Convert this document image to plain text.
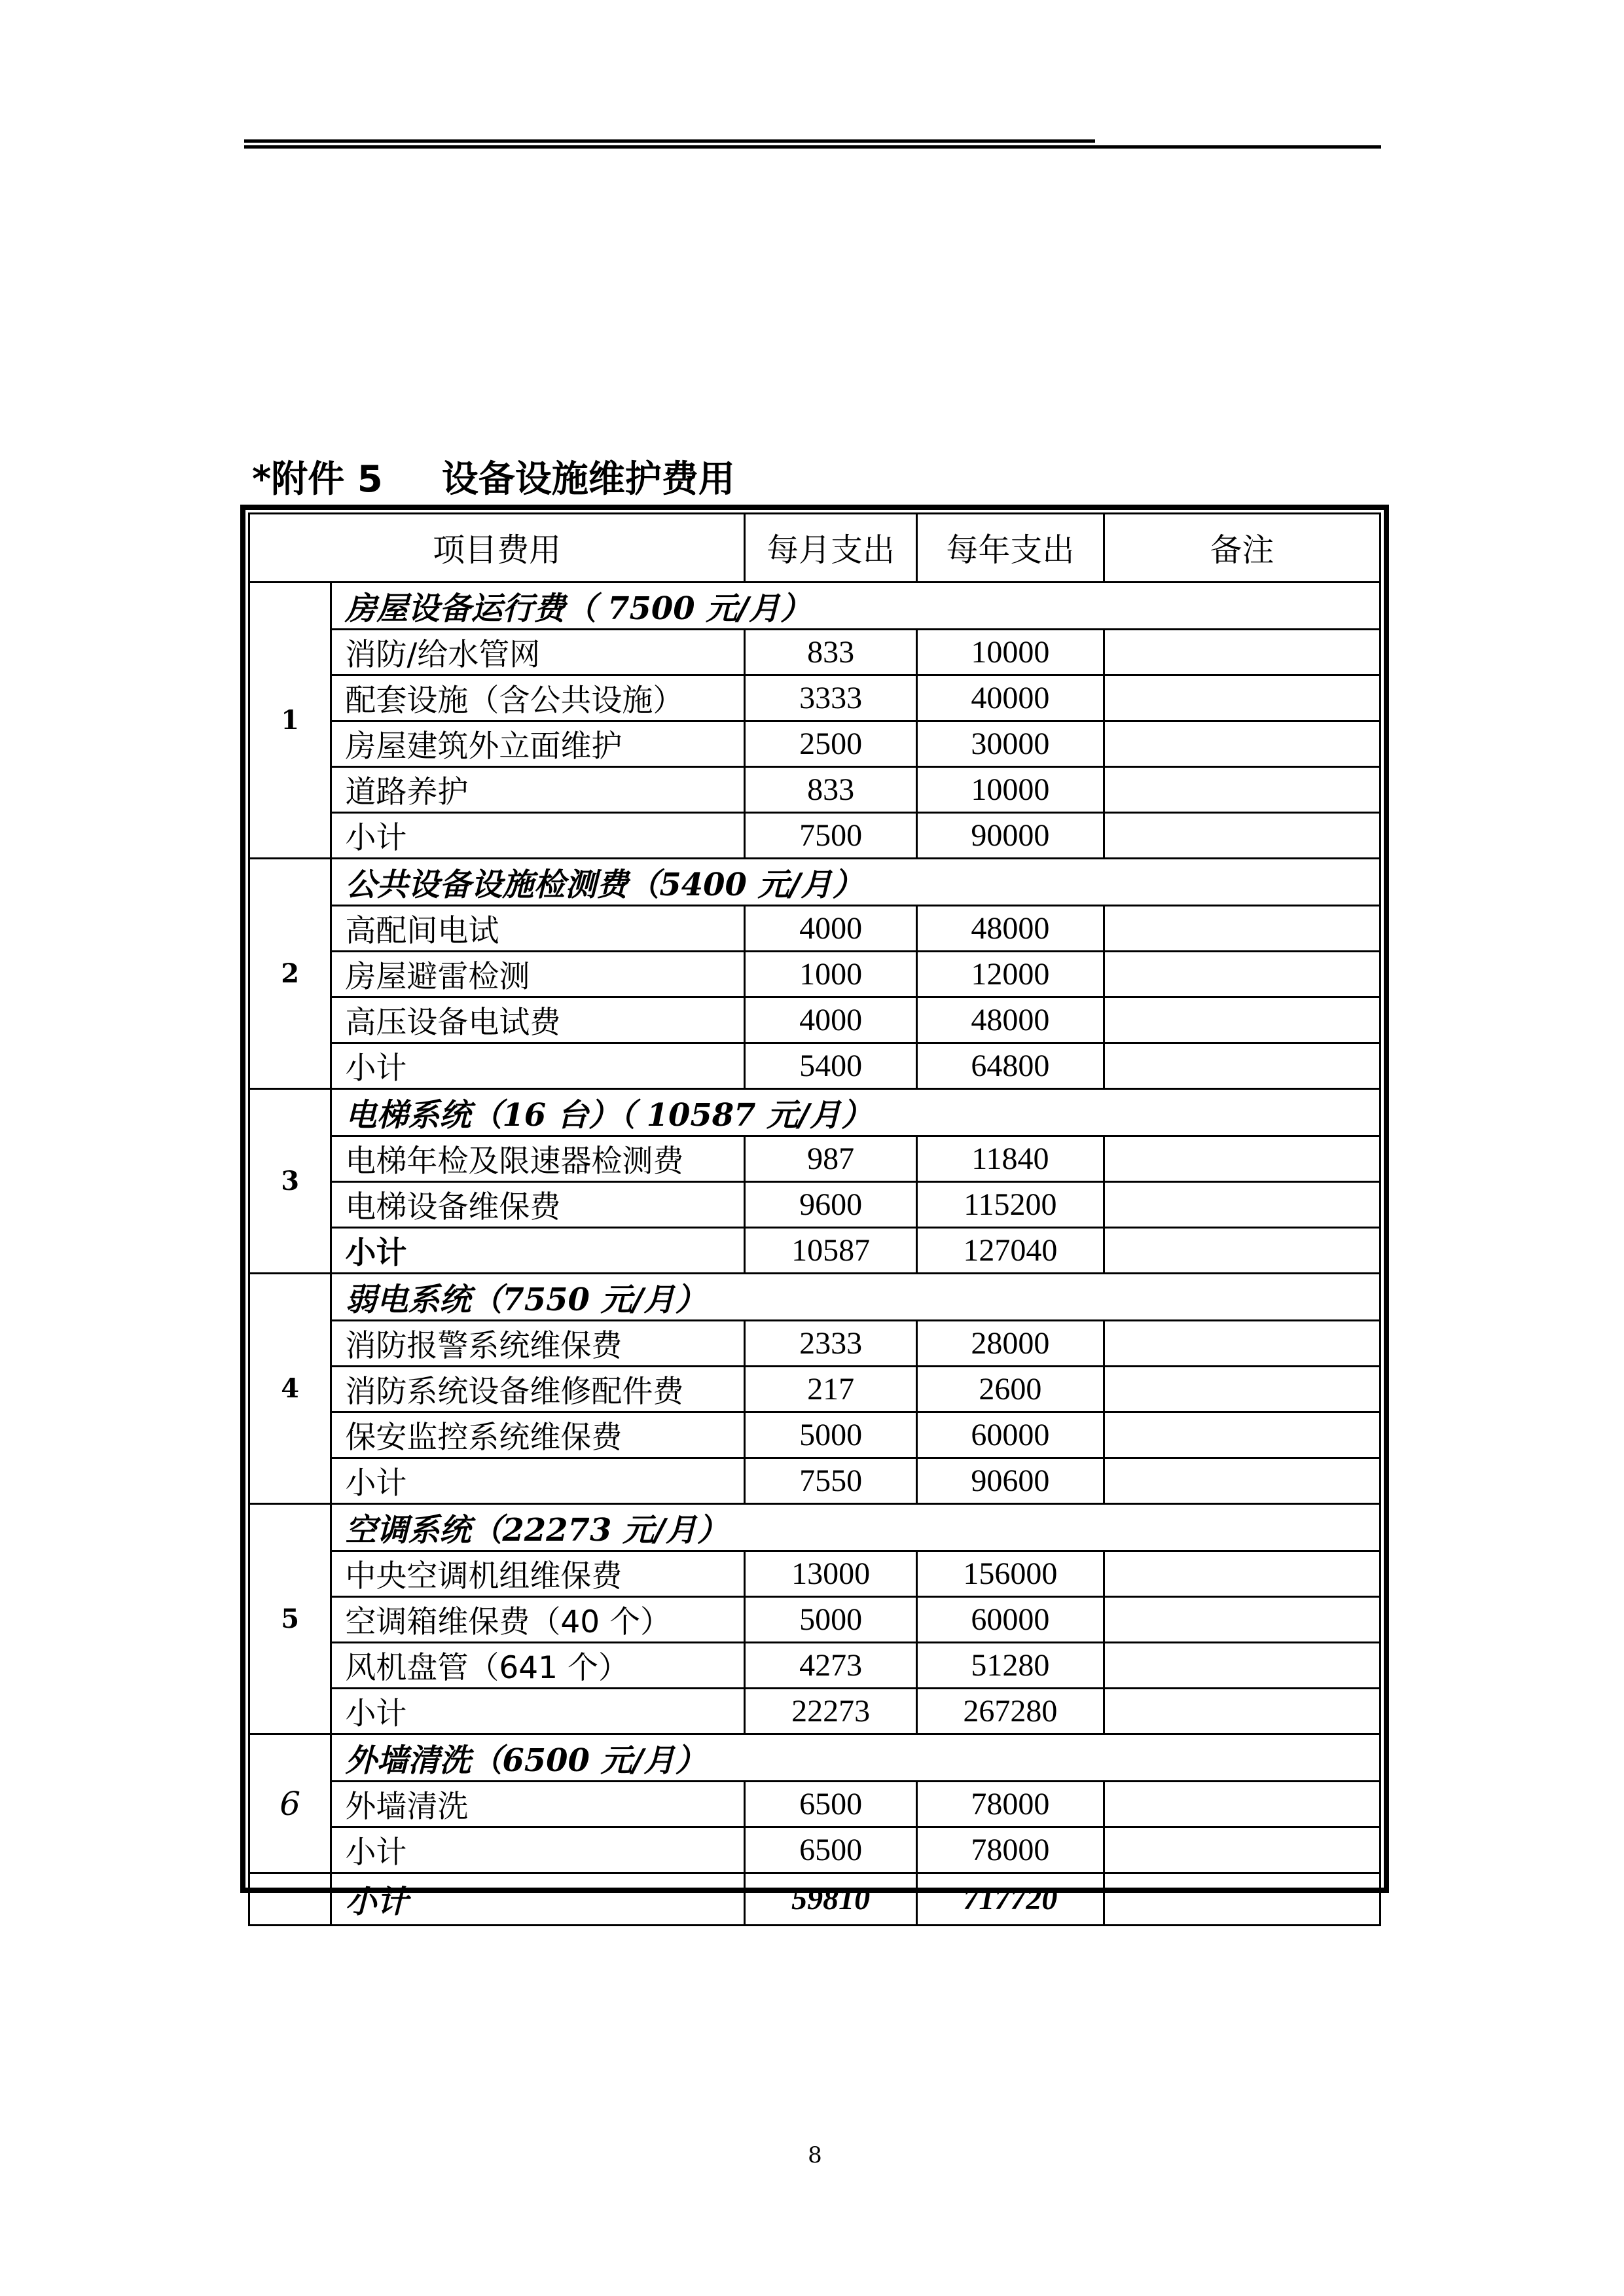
*附件 5 设备设施维护费用
项目费用		每月支出	每年支出	备注
1	房屋设备运行费（ 7500 元/月）			
	消防/给水管网	833	10000	
	配套设施（含公共设施）	3333	40000	
	房屋建筑外立面维护	2500	30000	
	道路养护	833	10000	
	小计	7500	90000	
2	公共设备设施检测费（5400 元/月）			
	高配间电试	4000	48000	
	房屋避雷检测	1000	12000	
	高压设备电试费	4000	48000	
	小计	5400	64800	
3	电梯系统（16 台）（ 10587 元/月）			
	电梯年检及限速器检测费	987	11840	
	电梯设备维保费	9600	115200	
	小计	10587	127040	
4	弱电系统（7550 元/月）			
	消防报警系统维保费	2333	28000	
	消防系统设备维修配件费	217	2600	
	保安监控系统维保费	5000	60000	
	小计	7550	90600	
5	空调系统（22273 元/月）			
	中央空调机组维保费	13000	156000	
	空调箱维保费（40 个）	5000	60000	
	风机盘管（641 个）	4273	51280	
	小计	22273	267280	
6	外墙清洗（6500 元/月）			
	外墙清洗	6500	78000	
	小计	6500	78000	
	小计	59810	717720	
8
